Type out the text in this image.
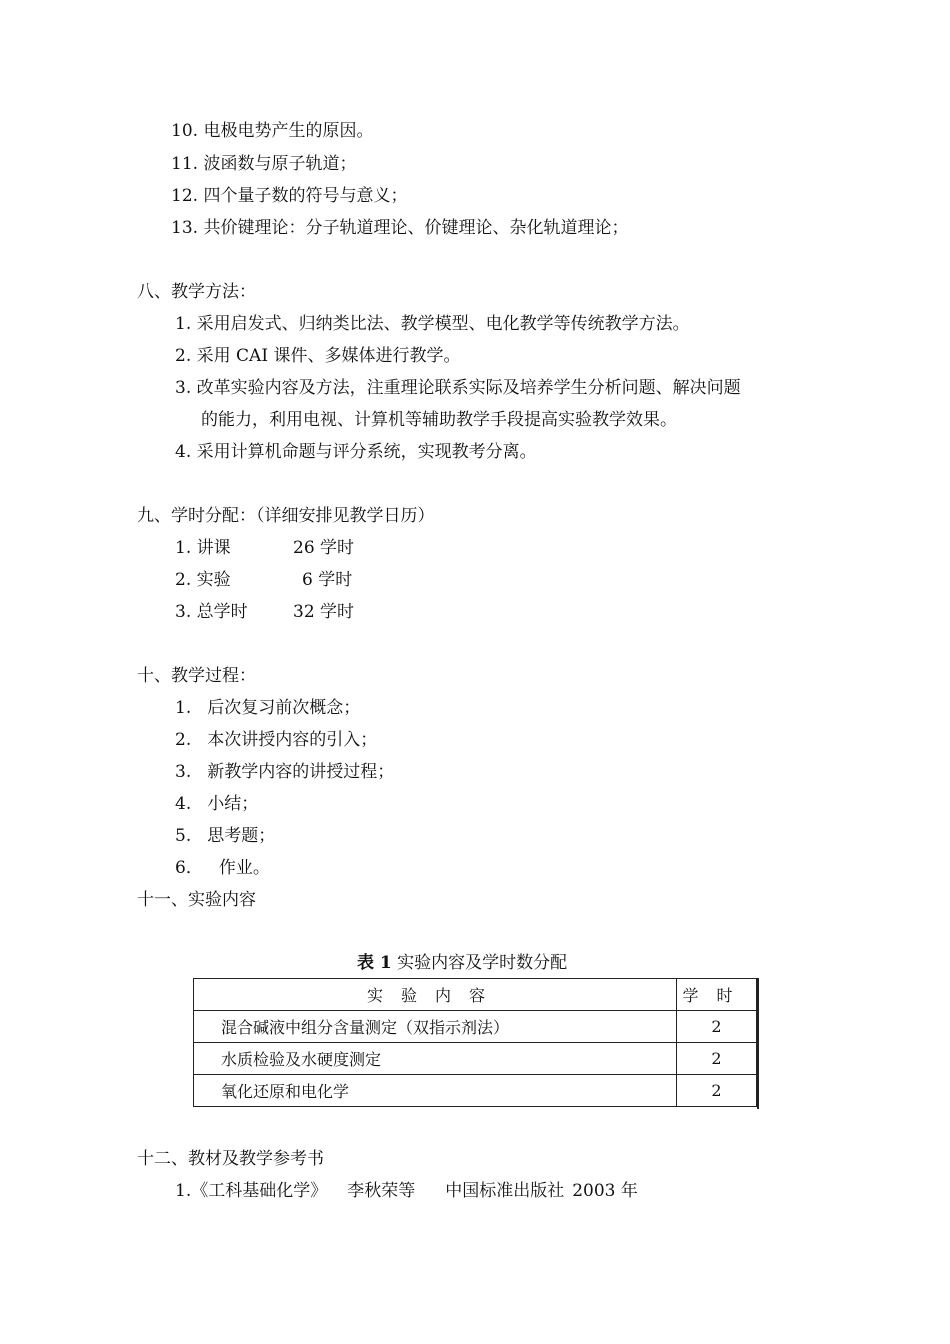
10. 电极电势产生的原因。
11. 波函数与原子轨道；
12. 四个量子数的符号与意义；
13. 共价键理论：分子轨道理论、价键理论、杂化轨道理论；
八、教学方法：
1. 采用启发式、归纳类比法、教学模型、电化教学等传统教学方法。
2. 采用 CAI 课件、多媒体进行教学。
3. 改革实验内容及方法，注重理论联系实际及培养学生分析问题、解决问题
的能力，利用电视、计算机等辅助教学手段提高实验教学效果。
4. 采用计算机命题与评分系统，实现教考分离。
九、学时分配：（详细安排见教学日历）
1. 讲课	26 学时
2. 实验	6 学时
3. 总学时	32 学时
十、教学过程：
1. 后次复习前次概念；
2. 本次讲授内容的引入；
3. 新教学内容的讲授过程；
4. 小结；
5. 思考题；
6． 作业。
十一、实验内容
表 1 实验内容及学时数分配
实验内容	学时
混合碱液中组分含量测定（双指示剂法）	2
水质检验及水硬度测定	2
氧化还原和电化学	2
十二、教材及教学参考书
1.《工科基础化学》 李秋荣等 中国标准出版社 2003 年
